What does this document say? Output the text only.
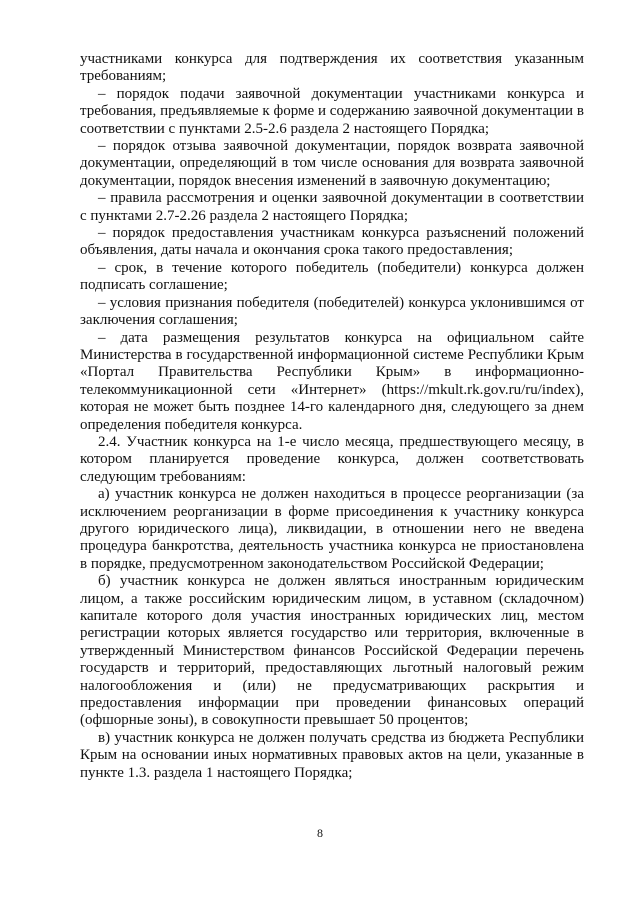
участниками конкурса для подтверждения их соответствия указанным требованиям;

– порядок подачи заявочной документации участниками конкурса и требования, предъявляемые к форме и содержанию заявочной документации в соответствии с пунктами 2.5-2.6 раздела 2 настоящего Порядка;

– порядок отзыва заявочной документации, порядок возврата заявочной документации, определяющий в том числе основания для возврата заявочной документации, порядок внесения изменений в заявочную документацию;

– правила рассмотрения и оценки заявочной документации в соответствии с пунктами 2.7-2.26 раздела 2 настоящего Порядка;

– порядок предоставления участникам конкурса разъяснений положений объявления, даты начала и окончания срока такого предоставления;

– срок, в течение которого победитель (победители) конкурса должен подписать соглашение;

– условия признания победителя (победителей) конкурса уклонившимся от заключения соглашения;

– дата размещения результатов конкурса на официальном сайте Министерства в государственной информационной системе Республики Крым «Портал Правительства Республики Крым» в информационно-телекоммуникационной сети «Интернет» (https://mkult.rk.gov.ru/ru/index), которая не может быть позднее 14-го календарного дня, следующего за днем определения победителя конкурса.

2.4. Участник конкурса на 1-е число месяца, предшествующего месяцу, в котором планируется проведение конкурса, должен соответствовать следующим требованиям:

а) участник конкурса не должен находиться в процессе реорганизации (за исключением реорганизации в форме присоединения к участнику конкурса другого юридического лица), ликвидации, в отношении него не введена процедура банкротства, деятельность участника конкурса не приостановлена в порядке, предусмотренном законодательством Российской Федерации;

б) участник конкурса не должен являться иностранным юридическим лицом, а также российским юридическим лицом, в уставном (складочном) капитале которого доля участия иностранных юридических лиц, местом регистрации которых является государство или территория, включенные в утвержденный Министерством финансов Российской Федерации перечень государств и территорий, предоставляющих льготный налоговый режим налогообложения и (или) не предусматривающих раскрытия и предоставления информации при проведении финансовых операций (офшорные зоны), в совокупности превышает 50 процентов;

в) участник конкурса не должен получать средства из бюджета Республики Крым на основании иных нормативных правовых актов на цели, указанные в пункте 1.3. раздела 1 настоящего Порядка;

8
